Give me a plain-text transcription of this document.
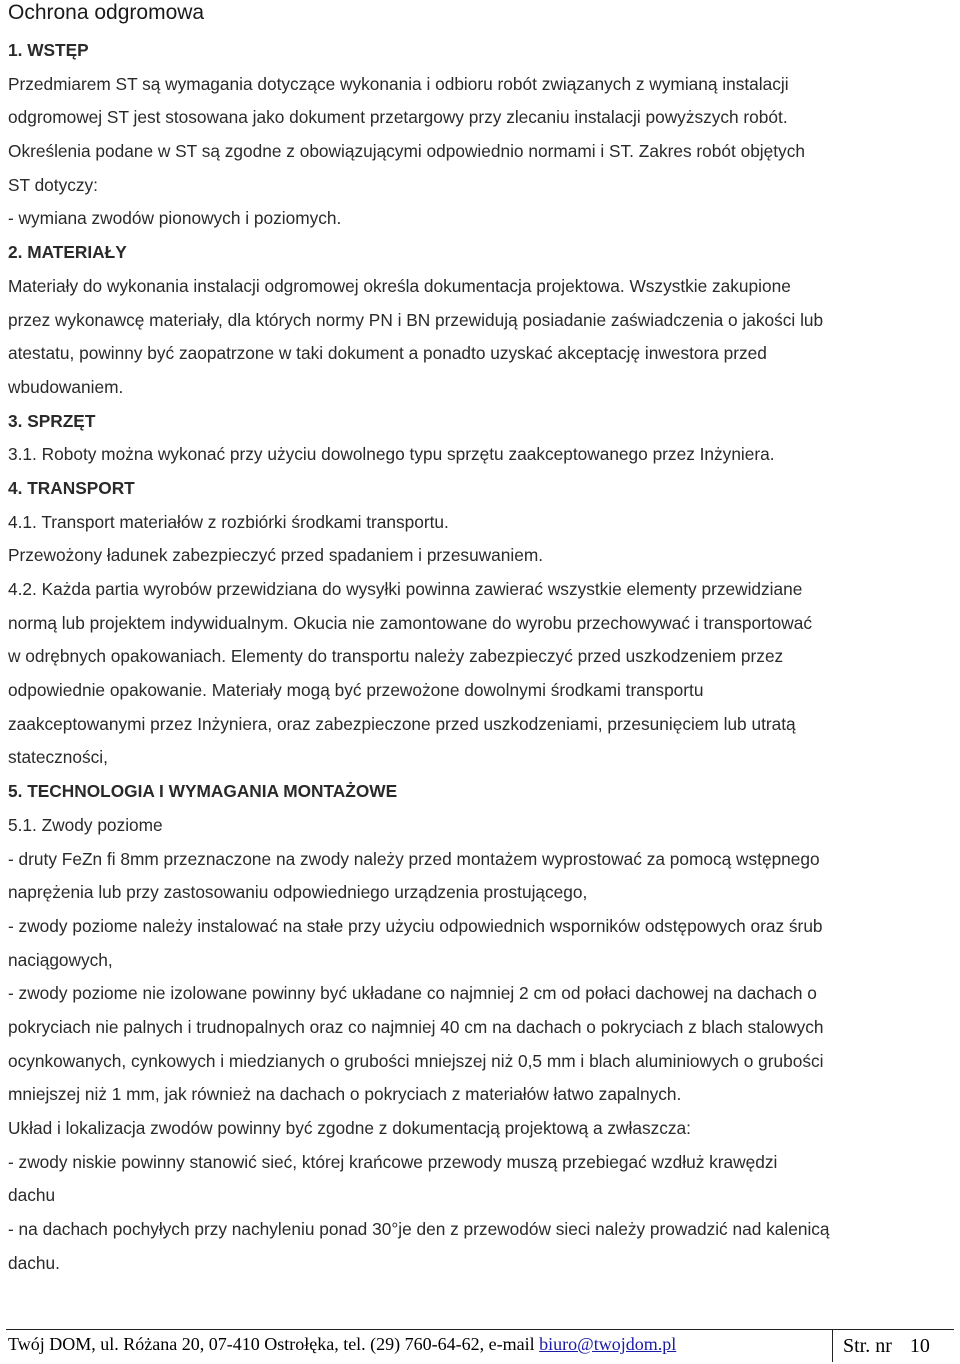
Ochrona odgromowa
1. WSTĘP
Przedmiarem ST są wymagania dotyczące wykonania i odbioru robót związanych z wymianą instalacji
odgromowej ST jest stosowana jako dokument przetargowy przy zlecaniu instalacji powyższych robót.
Określenia podane w ST są zgodne z obowiązującymi odpowiednio normami i ST. Zakres robót objętych
ST dotyczy:
- wymiana zwodów pionowych i poziomych.
2. MATERIAŁY
Materiały do wykonania instalacji odgromowej określa dokumentacja projektowa. Wszystkie zakupione
przez wykonawcę materiały, dla których normy PN i BN przewidują posiadanie zaświadczenia o jakości lub
atestatu, powinny być zaopatrzone w taki dokument a ponadto uzyskać akceptację inwestora przed
wbudowaniem.
3. SPRZĘT
3.1. Roboty można wykonać przy użyciu dowolnego typu sprzętu zaakceptowanego przez Inżyniera.
4. TRANSPORT
4.1. Transport materiałów z rozbiórki środkami transportu.
Przewożony ładunek zabezpieczyć przed spadaniem i przesuwaniem.
4.2. Każda partia wyrobów przewidziana do wysyłki powinna zawierać wszystkie elementy przewidziane
normą lub projektem indywidualnym. Okucia nie zamontowane do wyrobu przechowywać i transportować
w odrębnych opakowaniach. Elementy do transportu należy zabezpieczyć przed uszkodzeniem przez
odpowiednie opakowanie. Materiały mogą być przewożone dowolnymi środkami transportu
zaakceptowanymi przez Inżyniera, oraz zabezpieczone przed uszkodzeniami, przesunięciem lub utratą
stateczności,
5. TECHNOLOGIA I WYMAGANIA MONTAŻOWE
5.1. Zwody poziome
- druty FeZn fi 8mm przeznaczone na zwody należy przed montażem wyprostować za pomocą wstępnego
naprężenia lub przy zastosowaniu odpowiedniego urządzenia prostującego,
- zwody poziome należy instalować na stałe przy użyciu odpowiednich wsporników odstępowych oraz śrub
naciągowych,
- zwody poziome nie izolowane powinny być układane co najmniej 2 cm od połaci dachowej na dachach o
pokryciach nie palnych i trudnopalnych oraz co najmniej 40 cm na dachach o pokryciach z blach stalowych
ocynkowanych, cynkowych i miedzianych o grubości mniejszej niż 0,5 mm i blach aluminiowych o grubości
mniejszej niż 1 mm, jak również na dachach o pokryciach z materiałów łatwo zapalnych.
Układ i lokalizacja zwodów powinny być zgodne z dokumentacją projektową a zwłaszcza:
- zwody niskie powinny stanowić sieć, której krańcowe przewody muszą przebiegać wzdłuż krawędzi
dachu
- na dachach pochyłych przy nachyleniu ponad 30°je den z przewodów sieci należy prowadzić nad kalenicą
dachu.
Twój DOM, ul. Różana 20, 07-410 Ostrołęka, tel. (29) 760-64-62, e-mail biuro@twojdom.pl	Str. nr 10
